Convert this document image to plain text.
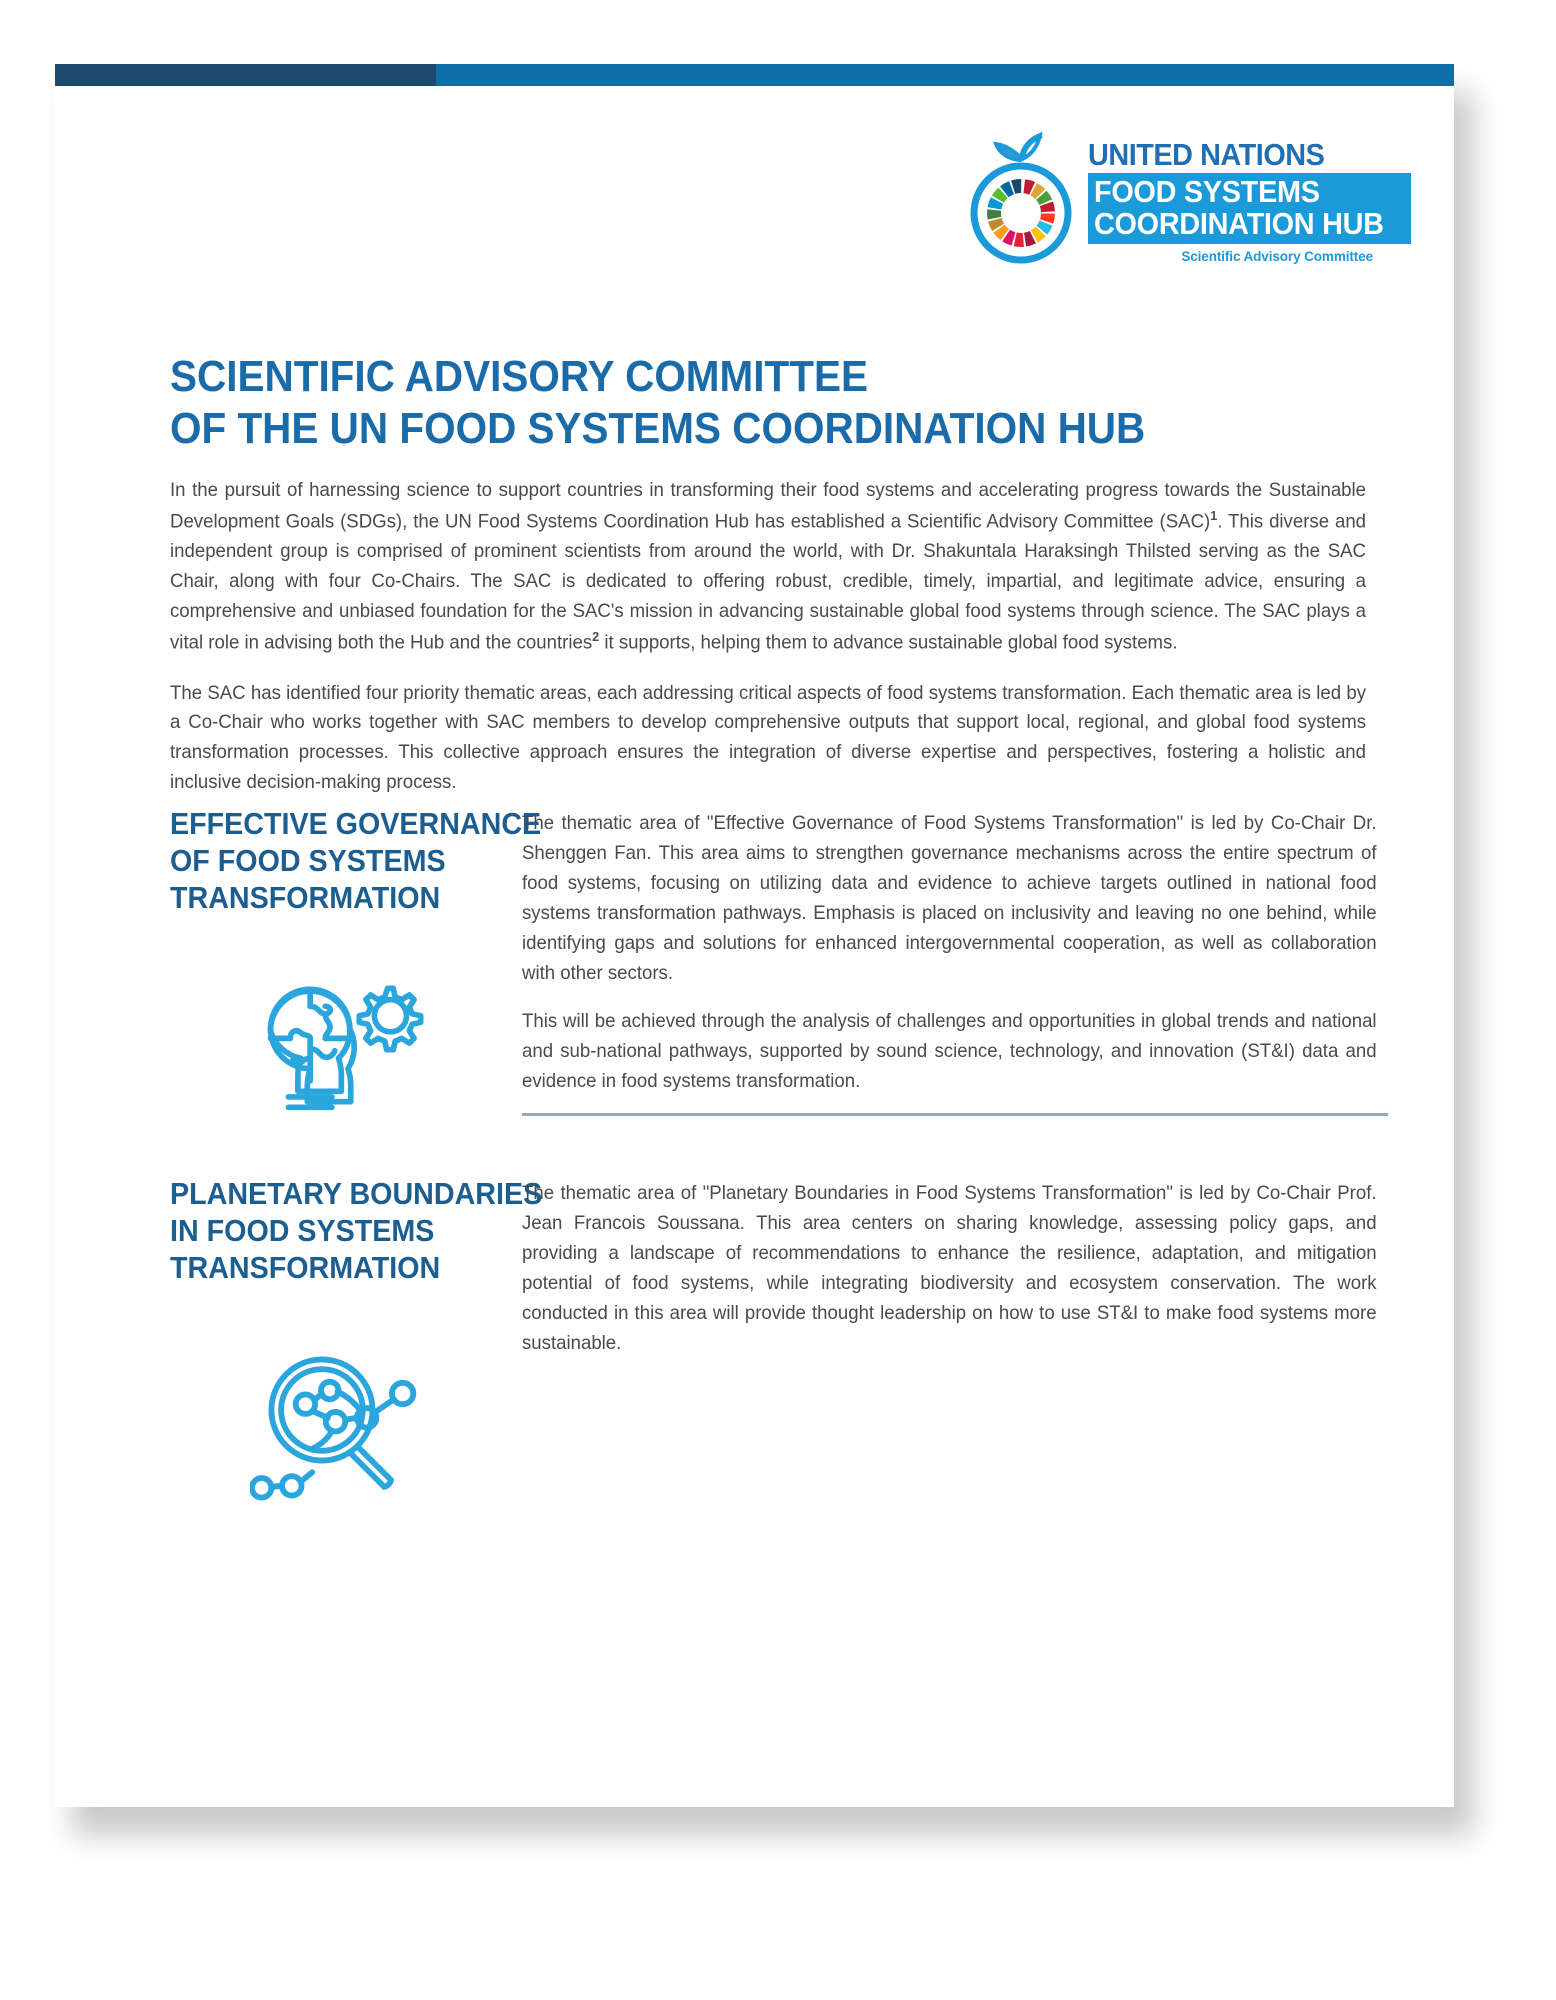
UNITED NATIONS
FOOD SYSTEMS
COORDINATION HUB
Scientific Advisory Committee
SCIENTIFIC ADVISORY COMMITTEE
OF THE UN FOOD SYSTEMS COORDINATION HUB

In the pursuit of harnessing science to support countries in transforming their food systems and accelerating progress towards the Sustainable Development Goals (SDGs), the UN Food Systems Coordination Hub has established a Scientific Advisory Committee (SAC)$^1$. This diverse and independent group is comprised of prominent scientists from around the world, with Dr. Shakuntala Haraksingh Thilsted serving as the SAC Chair, along with four Co-Chairs. The SAC is dedicated to offering robust, credible, timely, impartial, and legitimate advice, ensuring a comprehensive and unbiased foundation for the SAC's mission in advancing sustainable global food systems through science. The SAC plays a vital role in advising both the Hub and the countries$^2$ it supports, helping them to advance sustainable global food systems.

The SAC has identified four priority thematic areas, each addressing critical aspects of food systems transformation. Each thematic area is led by a Co-Chair who works together with SAC members to develop comprehensive outputs that support local, regional, and global food systems transformation processes. This collective approach ensures the integration of diverse expertise and perspectives, fostering a holistic and inclusive decision-making process.

EFFECTIVE GOVERNANCE
OF FOOD SYSTEMS
TRANSFORMATION

The thematic area of "Effective Governance of Food Systems Transformation" is led by Co-Chair Dr. Shenggen Fan. This area aims to strengthen governance mechanisms across the entire spectrum of food systems, focusing on utilizing data and evidence to achieve targets outlined in national food systems transformation pathways. Emphasis is placed on inclusivity and leaving no one behind, while identifying gaps and solutions for enhanced intergovernmental cooperation, as well as collaboration with other sectors.

This will be achieved through the analysis of challenges and opportunities in global trends and national and sub-national pathways, supported by sound science, technology, and innovation (ST&I) data and evidence in food systems transformation.

PLANETARY BOUNDARIES
IN FOOD SYSTEMS
TRANSFORMATION

The thematic area of "Planetary Boundaries in Food Systems Transformation" is led by Co-Chair Prof. Jean Francois Soussana. This area centers on sharing knowledge, assessing policy gaps, and providing a landscape of recommendations to enhance the resilience, adaptation, and mitigation potential of food systems, while integrating biodiversity and ecosystem conservation. The work conducted in this area will provide thought leadership on how to use ST&I to make food systems more sustainable.
